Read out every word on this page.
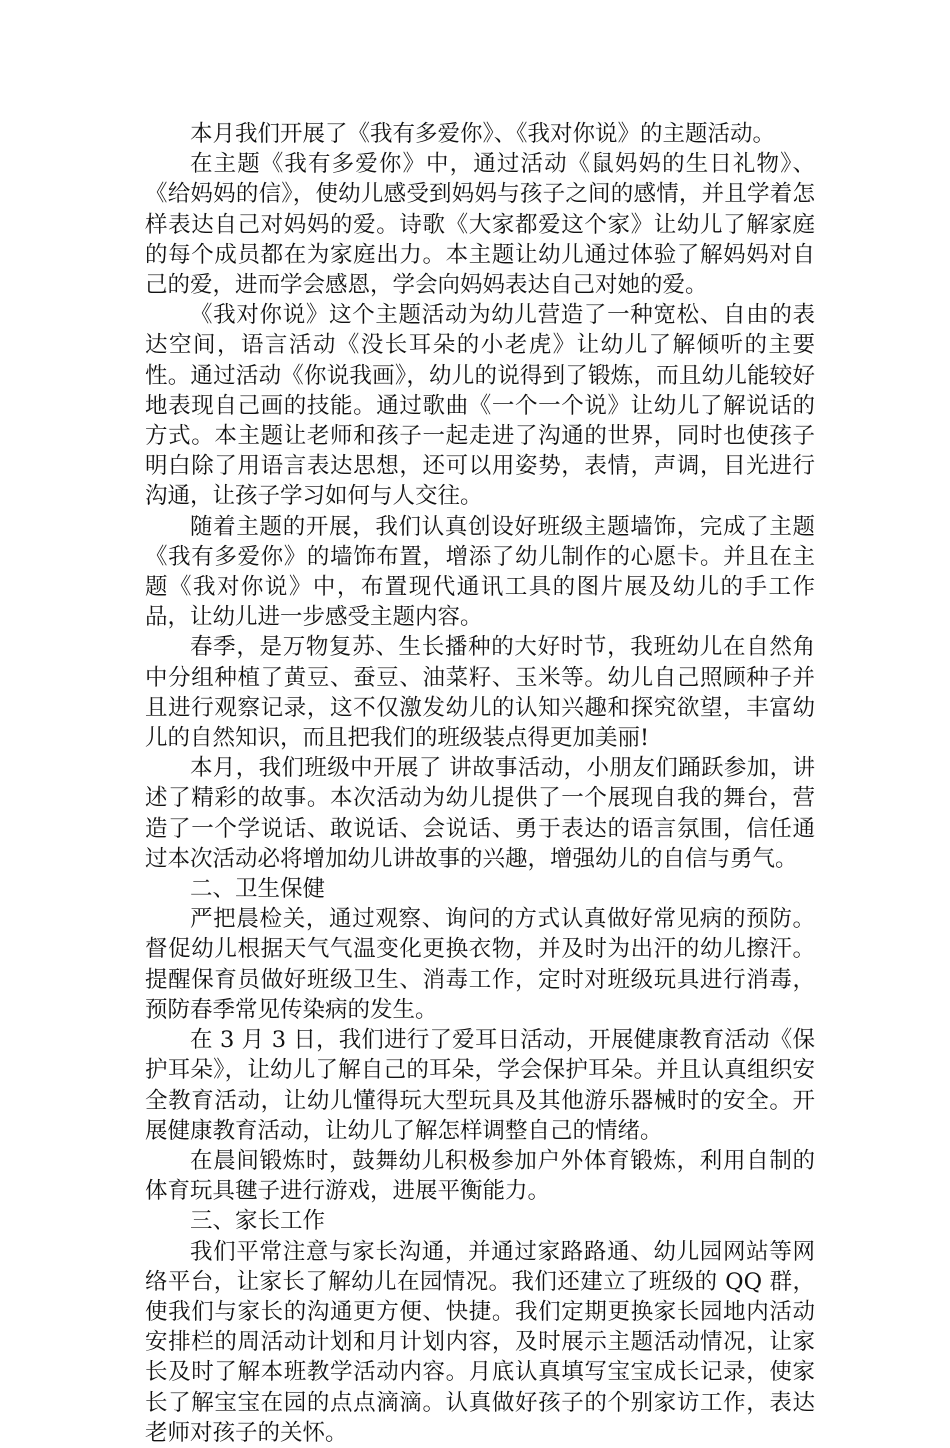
本月我们开展了《我有多爱你》、《我对你说》的主题活动。

在主题《我有多爱你》中，通过活动《鼠妈妈的生日礼物》、《给妈妈的信》，使幼儿感受到妈妈与孩子之间的感情，并且学着怎样表达自己对妈妈的爱。诗歌《大家都爱这个家》让幼儿了解家庭的每个成员都在为家庭出力。本主题让幼儿通过体验了解妈妈对自己的爱，进而学会感恩，学会向妈妈表达自己对她的爱。

《我对你说》这个主题活动为幼儿营造了一种宽松、自由的表达空间，语言活动《没长耳朵的小老虎》让幼儿了解倾听的主要性。通过活动《你说我画》，幼儿的说得到了锻炼，而且幼儿能较好地表现自己画的技能。通过歌曲《一个一个说》让幼儿了解说话的方式。本主题让老师和孩子一起走进了沟通的世界，同时也使孩子明白除了用语言表达思想，还可以用姿势，表情，声调，目光进行沟通，让孩子学习如何与人交往。

随着主题的开展，我们认真创设好班级主题墙饰，完成了主题《我有多爱你》的墙饰布置，增添了幼儿制作的心愿卡。并且在主题《我对你说》中，布置现代通讯工具的图片展及幼儿的手工作品，让幼儿进一步感受主题内容。

春季，是万物复苏、生长播种的大好时节，我班幼儿在自然角中分组种植了黄豆、蚕豆、油菜籽、玉米等。幼儿自己照顾种子并且进行观察记录，这不仅激发幼儿的认知兴趣和探究欲望，丰富幼儿的自然知识，而且把我们的班级装点得更加美丽!

本月，我们班级中开展了 讲故事活动，小朋友们踊跃参加，讲述了精彩的故事。本次活动为幼儿提供了一个展现自我的舞台，营造了一个学说话、敢说话、会说话、勇于表达的语言氛围，信任通过本次活动必将增加幼儿讲故事的兴趣，增强幼儿的自信与勇气。

二、卫生保健

严把晨检关，通过观察、询问的方式认真做好常见病的预防。督促幼儿根据天气气温变化更换衣物，并及时为出汗的幼儿擦汗。提醒保育员做好班级卫生、消毒工作，定时对班级玩具进行消毒，预防春季常见传染病的发生。

在 3 月 3 日，我们进行了爱耳日活动，开展健康教育活动《保护耳朵》，让幼儿了解自己的耳朵，学会保护耳朵。并且认真组织安全教育活动，让幼儿懂得玩大型玩具及其他游乐器械时的安全。开展健康教育活动，让幼儿了解怎样调整自己的情绪。

在晨间锻炼时，鼓舞幼儿积极参加户外体育锻炼，利用自制的体育玩具毽子进行游戏，进展平衡能力。

三、家长工作

我们平常注意与家长沟通，并通过家路路通、幼儿园网站等网络平台，让家长了解幼儿在园情况。我们还建立了班级的 QQ 群，使我们与家长的沟通更方便、快捷。我们定期更换家长园地内活动安排栏的周活动计划和月计划内容，及时展示主题活动情况，让家长及时了解本班教学活动内容。月底认真填写宝宝成长记录，使家长了解宝宝在园的点点滴滴。认真做好孩子的个别家访工作，表达老师对孩子的关怀。
